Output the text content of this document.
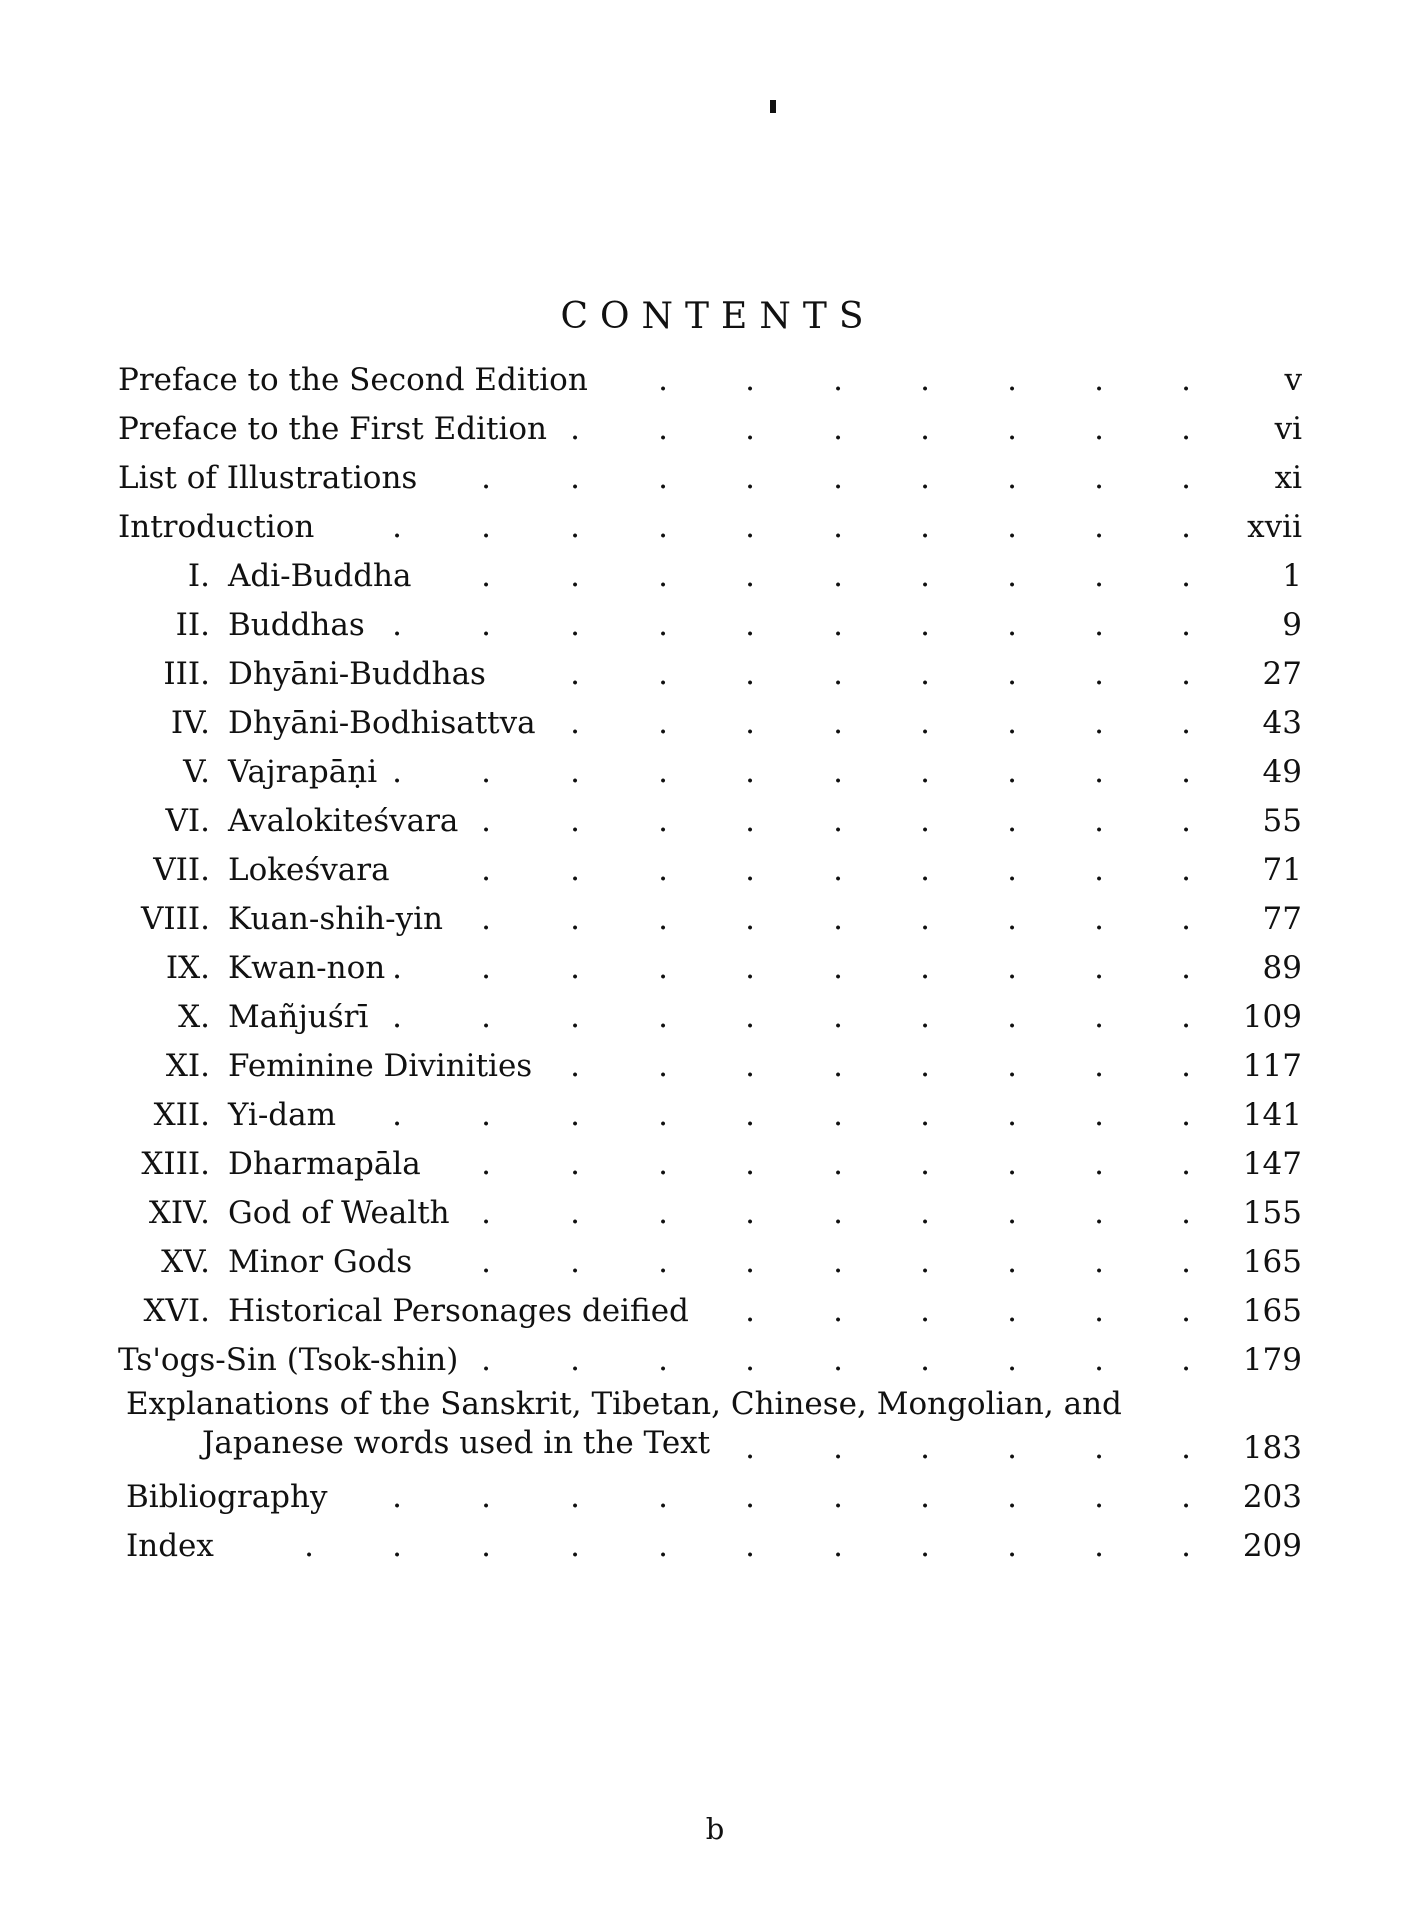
CONTENTS
Preface to the Second Edition . .	. . . . .	v
Preface to the First Edition .	. .	. . . . .	vi
List of Illustrations .	.	. .	. . . . .	xi
Introduction	.	.	.	. .	. . . . . xvii
I. Adi-Buddha .	.	. .	. . . . .	1
II. Buddhas .	.	.	. .	. . . . .	9
III. Dhyāni-Buddhas	.	. .	. . . . . 27
IV. Dhyāni-Bodhisattva .	. .	. . . . . 43
V. Vajrapāṇi .	.	.	. .	. . . . . 49
VI. Avalokiteśvara .	.	. .	. . . . . 55
VII. Lokeśvara	.	.	. .	. . . . . 71
VIII. Kuan-shih-yin .	.	. .	. . . . . 77
IX. Kwan-non .	.	.	. .	. . . . . 89
X. Mañjuśrī .	.	.	. .	. . . . . 109
XI. Feminine Divinities .	. .	. . . . . 117
XII. Yi-dam .	.	.	. .	. . . . . 141
XIII. Dharmapāla .	.	. .	. . . . . 147
XIV. God of Wealth .	.	. .	. . . . . 155
XV. Minor Gods .	.	. .	. . . . . 165
XVI. Historical Personages deified .	. . . . . 165
Ts'ogs-Sin (Tsok-shin) .	.	. .	. . . . . 179
Explanations of the Sanskrit, Tibetan, Chinese, Mongolian, and
Japanese words used in the Text .	. . . . . 183
Bibliography .	.	.	. .	. . . . . 203
Index	.	.	.	.	. .	. . . . . 209
b
